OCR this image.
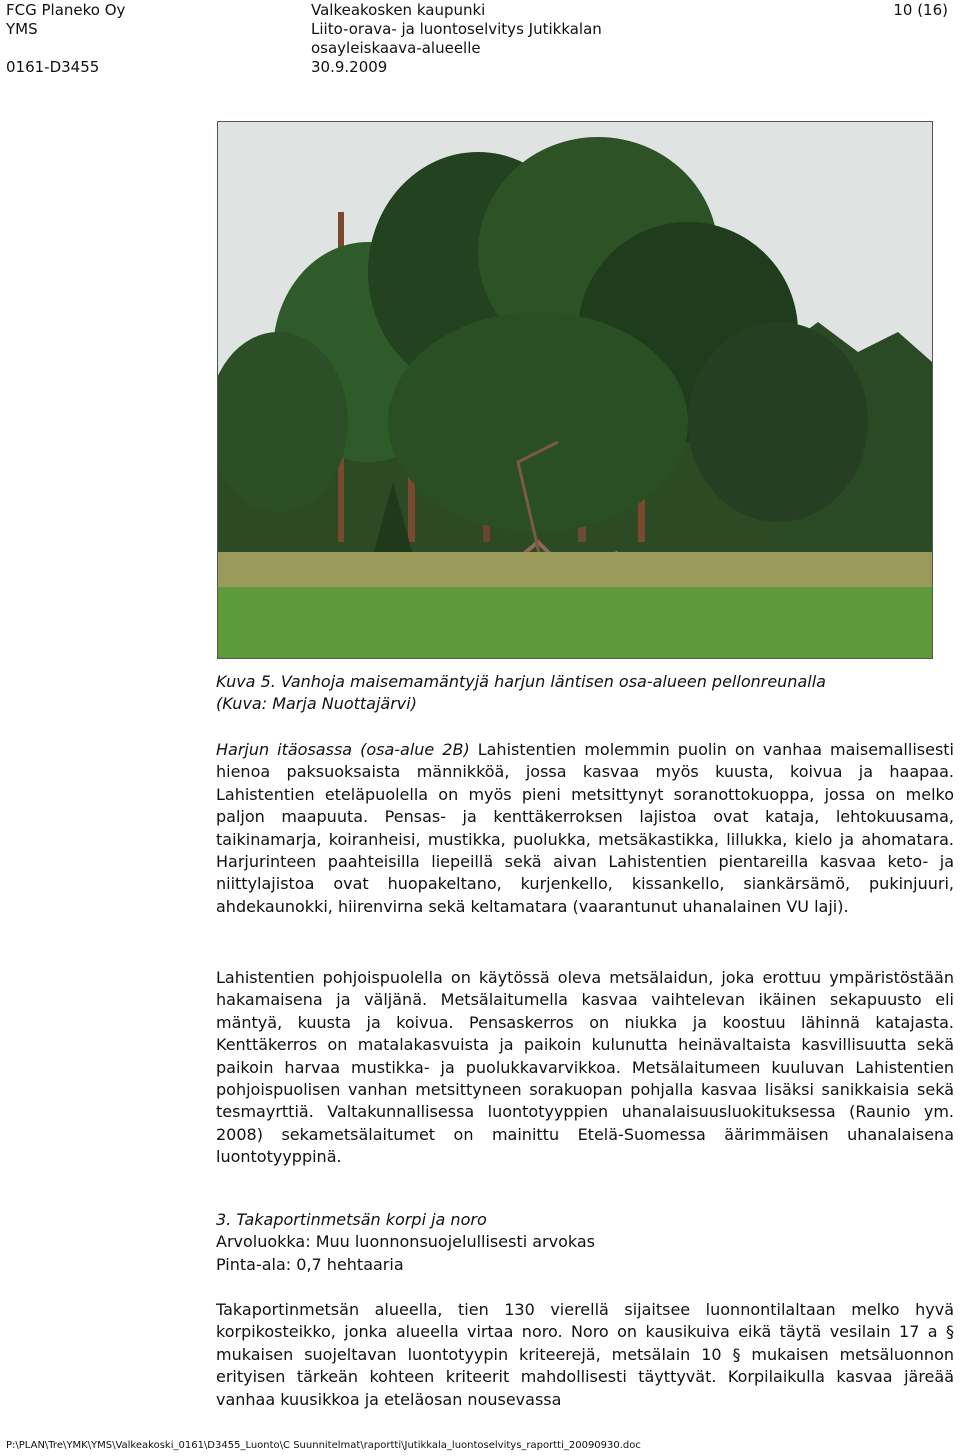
FCG Planeko Oy
YMS
Valkeakosken kaupunki
Liito-orava- ja luontoselvitys Jutikkalan
osayleiskaava-alueelle
10 (16)
0161-D3455	30.9.2009

Kuva 5. Vanhoja maisemamäntyjä harjun läntisen osa-alueen pellonreunalla

(Kuva: Marja Nuottajärvi)

Harjun itäosassa (osa-alue 2B) Lahistentien molemmin puolin on vanhaa maisemallisesti hienoa paksuoksaista männikköä, jossa kasvaa myös kuusta, koivua ja haapaa. Lahistentien eteläpuolella on myös pieni metsittynyt soranottokuoppa, jossa on melko paljon maapuuta. Pensas- ja kenttäkerroksen lajistoa ovat kataja, lehtokuusama, taikinamarja, koiranheisi, mustikka, puolukka, metsäkastikka, lillukka, kielo ja ahomatara. Harjurinteen paahteisilla liepeillä sekä aivan Lahistentien pientareilla kasvaa keto- ja niittylajistoa ovat huopakeltano, kurjenkello, kissankello, siankärsämö, pukinjuuri, ahdekaunokki, hiirenvirna sekä keltamatara (vaarantunut uhanalainen VU laji).

Lahistentien pohjoispuolella on käytössä oleva metsälaidun, joka erottuu ympäristöstään hakamaisena ja väljänä. Metsälaitumella kasvaa vaihtelevan ikäinen sekapuusto eli mäntyä, kuusta ja koivua. Pensaskerros on niukka ja koostuu lähinnä katajasta. Kenttäkerros on matalakasvuista ja paikoin kulunutta heinävaltaista kasvillisuutta sekä paikoin harvaa mustikka- ja puolukkavarvikkoa. Metsälaitumeen kuuluvan Lahistentien pohjoispuolisen vanhan metsittyneen sorakuopan pohjalla kasvaa lisäksi sanikkaisia sekä tesmayrttiä. Valtakunnallisessa luontotyyppien uhanalaisuusluokituksessa (Raunio ym. 2008) sekametsälaitumet on mainittu Etelä-Suomessa äärimmäisen uhanalaisena luontotyyppinä.

3. Takaportinmetsän korpi ja noro

Arvoluokka: Muu luonnonsuojelullisesti arvokas

Pinta-ala: 0,7 hehtaaria

Takaportinmetsän alueella, tien 130 vierellä sijaitsee luonnontilaltaan melko hyvä korpikosteikko, jonka alueella virtaa noro. Noro on kausikuiva eikä täytä vesilain 17 a § mukaisen suojeltavan luontotyypin kriteerejä, metsälain 10 § mukaisen metsäluonnon erityisen tärkeän kohteen kriteerit mahdollisesti täyttyvät. Korpilaikulla kasvaa järeää vanhaa kuusikkoa ja eteläosan nousevassa

P:\PLAN\Tre\YMK\YMS\Valkeakoski_0161\D3455_Luonto\C Suunnitelmat\raportti\Jutikkala_luontoselvitys_raportti_20090930.doc
